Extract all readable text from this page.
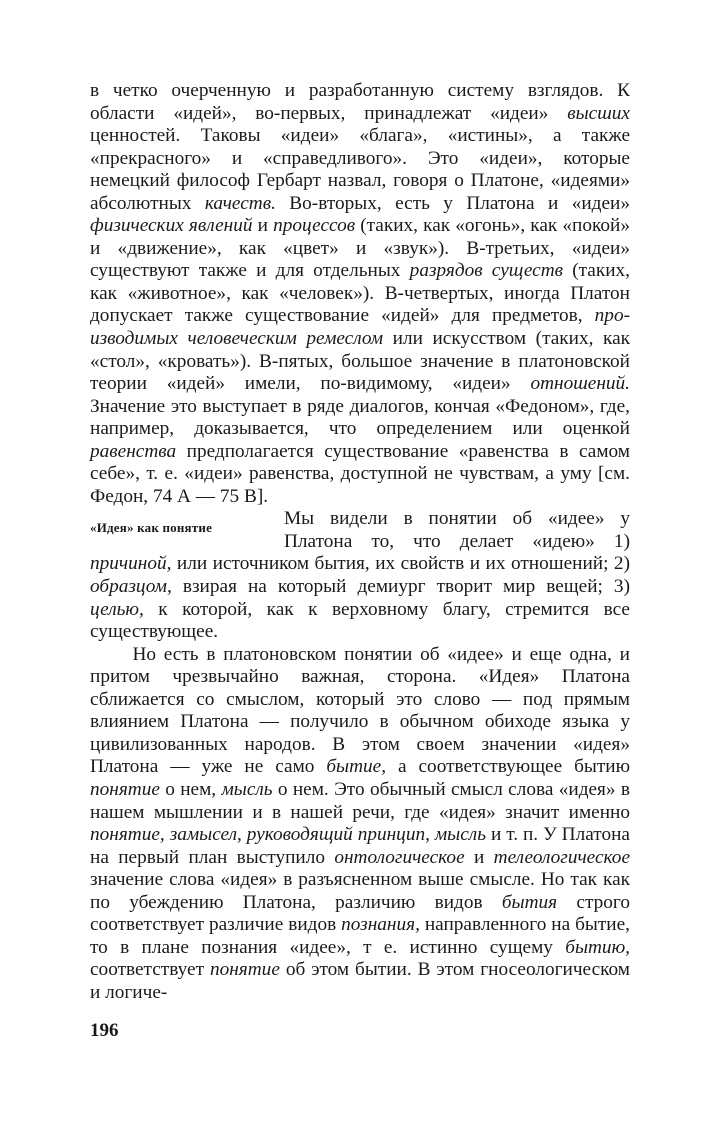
в четко очерченную и разработанную систему взглядов. К области «идей», во-первых, принадлежат «идеи» высших ценностей. Таковы «идеи» «блага», «истины», а также «прекрасного» и «справедливого». Это «идеи», которые немецкий философ Гербарт назвал, говоря о Платоне, «идеями» абсолютных качеств. Во-вторых, есть у Платона и «идеи» физических явлений и процессов (таких, как «огонь», как «покой» и «движение», как «цвет» и «звук»). В-третьих, «идеи» существуют также и для отдельных разрядов существ (таких, как «животное», как «человек»). В-четвертых, иногда Платон допускает также существование «идей» для предметов, производимых человеческим ремеслом или искусством (таких, как «стол», «кровать»). В-пятых, большое значение в платоновской теории «идей» имели, по-видимому, «идеи» отношений. Значение это выступает в ряде диалогов, кончая «Федоном», где, например, доказывается, что определением или оценкой равенства предполагается существование «равенства в самом себе», т. е. «идеи» равенства, доступной не чувствам, а уму [см. Федон, 74 А — 75 В].

«Идея» как понятие	Мы видели в понятии об «идее» у Платона то, что делает «идею» 1) причиной, или источником бытия, их свойств и их отношений; 2) образцом, взирая на который демиург творит мир вещей; 3) целью, к которой, как к верховному благу, стремится все существующее.

Но есть в платоновском понятии об «идее» и еще одна, и притом чрезвычайно важная, сторона. «Идея» Платона сближается со смыслом, который это слово — под прямым влиянием Платона — получило в обычном обиходе языка у цивилизованных народов. В этом своем значении «идея» Платона — уже не само бытие, а соответствующее бытию понятие о нем, мысль о нем. Это обычный смысл слова «идея» в нашем мышлении и в нашей речи, где «идея» значит именно понятие, замысел, руководящий принцип, мысль и т. п. У Платона на первый план выступило онтологическое и телеологическое значение слова «идея» в разъясненном выше смысле. Но так как по убеждению Платона, различию видов бытия строго соответствует различие видов познания, направленного на бытие, то в плане познания «идее», т е. истинно сущему бытию, соответствует понятие об этом бытии. В этом гносеологическом и логиче-

196
